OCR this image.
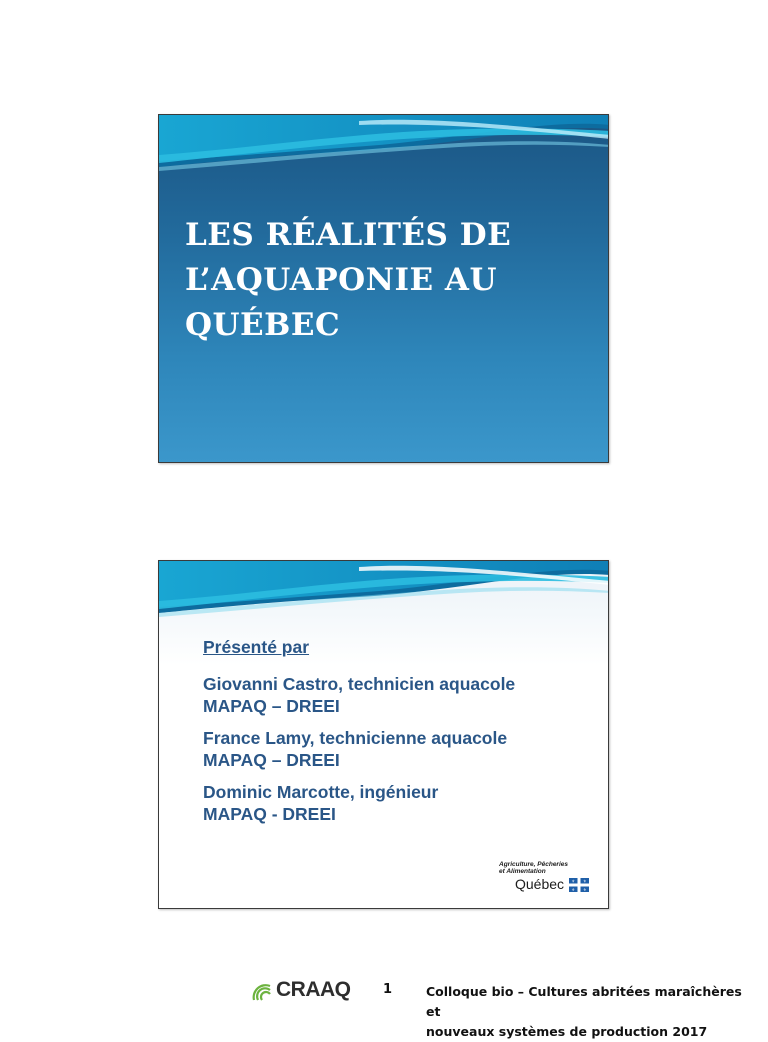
LES RÉALITÉS DE
L’AQUAPONIE AU
QUÉBEC

Présenté par

Giovanni Castro, technicien aquacole
MAPAQ – DREEI
France Lamy, technicienne aquacole
MAPAQ – DREEI
Dominic Marcotte, ingénieur
MAPAQ - DREEI
Agriculture, Pêcheries
et Alimentation
Québec ⚜ ⚜
⚜ ⚜
CRAAQ	1	Colloque bio – Cultures abritées maraîchères et
nouveaux systèmes de production 2017
